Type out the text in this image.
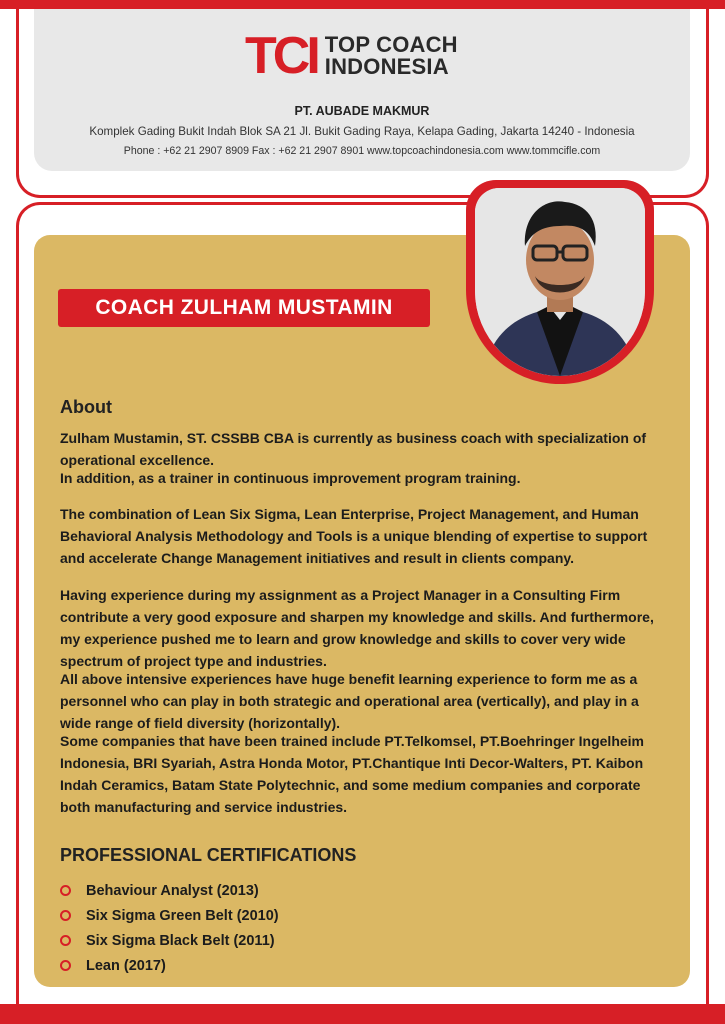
TCI TOP COACH
INDONESIA
PT. AUBADE MAKMUR
Komplek Gading Bukit Indah Blok SA 21 Jl. Bukit Gading Raya, Kelapa Gading, Jakarta 14240 - Indonesia
Phone : +62 21 2907 8909 Fax : +62 21 2907 8901 www.topcoachindonesia.com www.tommcifle.com
COACH ZULHAM MUSTAMIN
About
Zulham Mustamin, ST. CSSBB CBA is currently as business coach with specialization of operational excellence.
In addition, as a trainer in continuous improvement program training.
The combination of Lean Six Sigma, Lean Enterprise, Project Management, and Human Behavioral Analysis Methodology and Tools is a unique blending of expertise to support and accelerate Change Management initiatives and result in clients company.
Having experience during my assignment as a Project Manager in a Consulting Firm contribute a very good exposure and sharpen my knowledge and skills. And furthermore, my experience pushed me to learn and grow knowledge and skills to cover very wide spectrum of project type and industries.
All above intensive experiences have huge benefit learning experience to form me as a personnel who can play in both strategic and operational area (vertically), and play in a wide range of field diversity (horizontally).
Some companies that have been trained include PT.Telkomsel, PT.Boehringer Ingelheim Indonesia, BRI Syariah, Astra Honda Motor, PT.Chantique Inti Decor-Walters, PT. Kaibon Indah Ceramics, Batam State Polytechnic, and some medium companies and corporate both manufacturing and service industries.
PROFESSIONAL CERTIFICATIONS
Behaviour Analyst (2013)
Six Sigma Green Belt (2010)
Six Sigma Black Belt (2011)
Lean (2017)
